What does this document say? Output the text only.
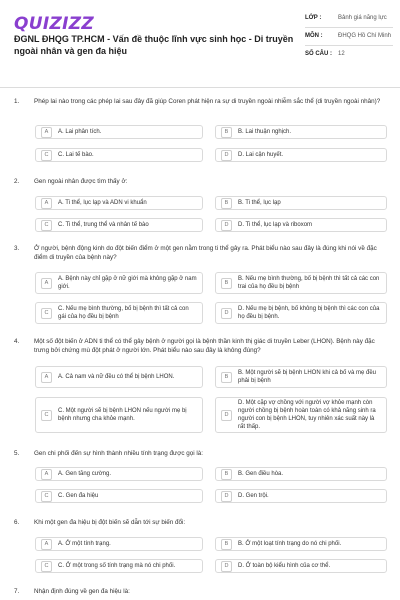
QUIZIZZ
ĐGNL ĐHQG TP.HCM - Vấn đề thuộc lĩnh vực sinh học - Di truyền ngoài nhân và gen đa hiệu
LỚP :	Bảnh giá năng lực
MÔN :	ĐHQG Hồ Chí Minh
SỐ CÂU :	12
1.	Phép lai nào trong các phép lai sau đây đã giúp Coren phát hiện ra sự di truyền ngoài nhiễm sắc thể (di truyền ngoài nhân)?
A	A. Lai phân tích.	B	B. Lai thuận nghịch.
C	C. Lai tế bào.	D	D. Lai cận huyết.
2.	Gen ngoài nhân được tìm thấy ở:
A	A. Ti thể, lục lạp và ADN vi khuẩn	B	B. Ti thể, lục lạp
C	C. Ti thể, trung thể và nhân tế bào	D	D. Ti thể, lục lạp và riboxom
3.	Ở người, bệnh động kinh do đột biến điểm ở một gen nằm trong ti thể gây ra. Phát biểu nào sau đây là đúng khi nói về đặc điểm di truyền của bệnh này?
A
A. Bệnh này chỉ gặp ở nữ giới mà không gặp ở nam giới.
B
B. Nếu mẹ bình thường, bố bị bệnh thì tất cả các con trai của họ đều bị bệnh
C
C. Nếu mẹ bình thường, bố bị bệnh thì tất cả con gái của họ đều bị bệnh
D
D. Nếu mẹ bị bệnh, bố không bị bệnh thì các con của họ đều bị bệnh.
4.	Một số đột biến ở ADN ti thể có thể gây bệnh ở người gọi là bệnh thần kinh thị giác di truyền Leber (LHON). Bệnh này đặc trưng bởi chứng mù đột phát ở người lớn. Phát biểu nào sau đây là không đúng?
A	A. Cả nam và nữ đều có thể bị bệnh LHON.	B
B. Một người sẽ bị bệnh LHON khi cả bố và mẹ đều phải bị bệnh
C
C. Một người sẽ bị bệnh LHON nếu người mẹ bị bệnh nhưng cha khỏe mạnh.
D
D. Một cặp vợ chồng với người vợ khỏe mạnh còn người chồng bị bệnh hoàn toàn có khả năng sinh ra người con bị bệnh LHON, tuy nhiên xác suất này là rất thấp.
5.	Gen chi phối đến sự hình thành nhiều tính trạng được gọi là:
A	A. Gen tăng cường.	B	B. Gen điều hòa.
C	C. Gen đa hiệu	D	D. Gen trội.
6.	Khi một gen đa hiệu bị đột biến sẽ dẫn tới sự biến đổi:
A	A. Ở một tính trạng.	B	B. Ở một loạt tính trạng do nó chi phối.
C	C. Ở một trong số tính trạng mà nó chi phối.	D	D. Ở toàn bộ kiểu hình của cơ thể.
7.	Nhận định đúng về gen đa hiệu là:
